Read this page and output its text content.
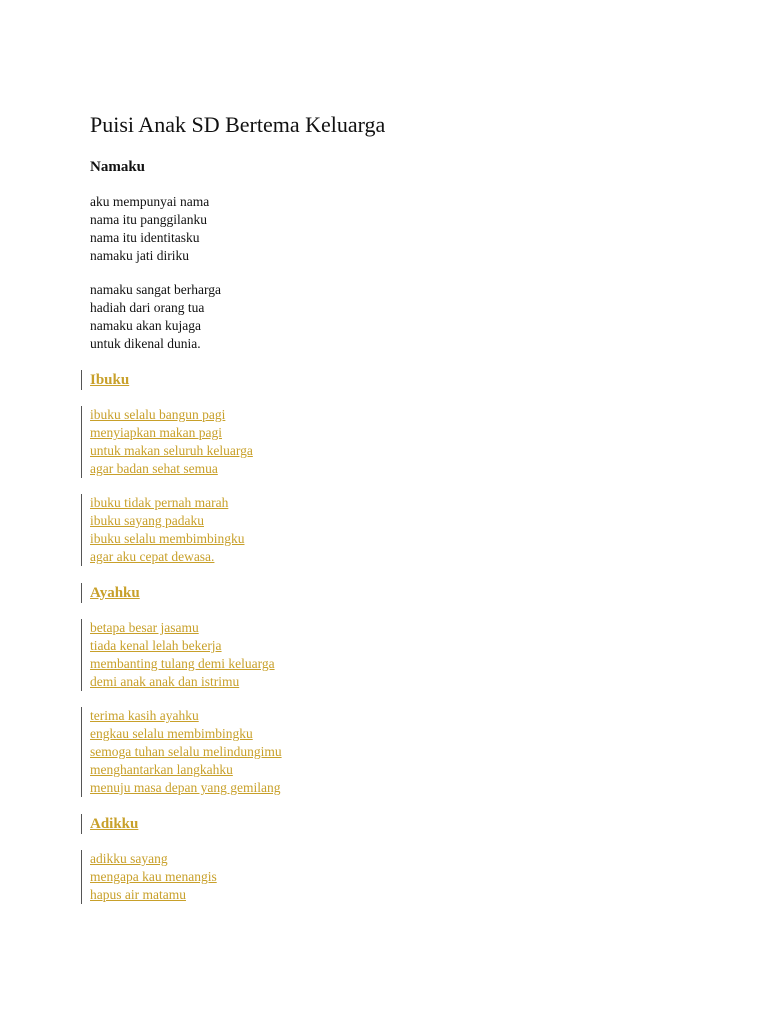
Puisi Anak SD Bertema Keluarga
Namaku
aku mempunyai nama
nama itu panggilanku
nama itu identitasku
namaku jati diriku
namaku sangat berharga
hadiah dari orang tua
namaku akan kujaga
untuk dikenal dunia.
Ibuku
ibuku selalu bangun pagi
menyiapkan makan pagi
untuk makan seluruh keluarga
agar badan sehat semua
ibuku tidak pernah marah
ibuku sayang padaku
ibuku selalu membimbingku
agar aku cepat dewasa.
Ayahku
betapa besar jasamu
tiada kenal lelah bekerja
membanting tulang demi keluarga
demi anak anak dan istrimu
terima kasih ayahku
engkau selalu membimbingku
semoga tuhan selalu melindungimu
menghantarkan langkahku
menuju masa depan yang gemilang
Adikku
adikku sayang
mengapa kau menangis
hapus air matamu
